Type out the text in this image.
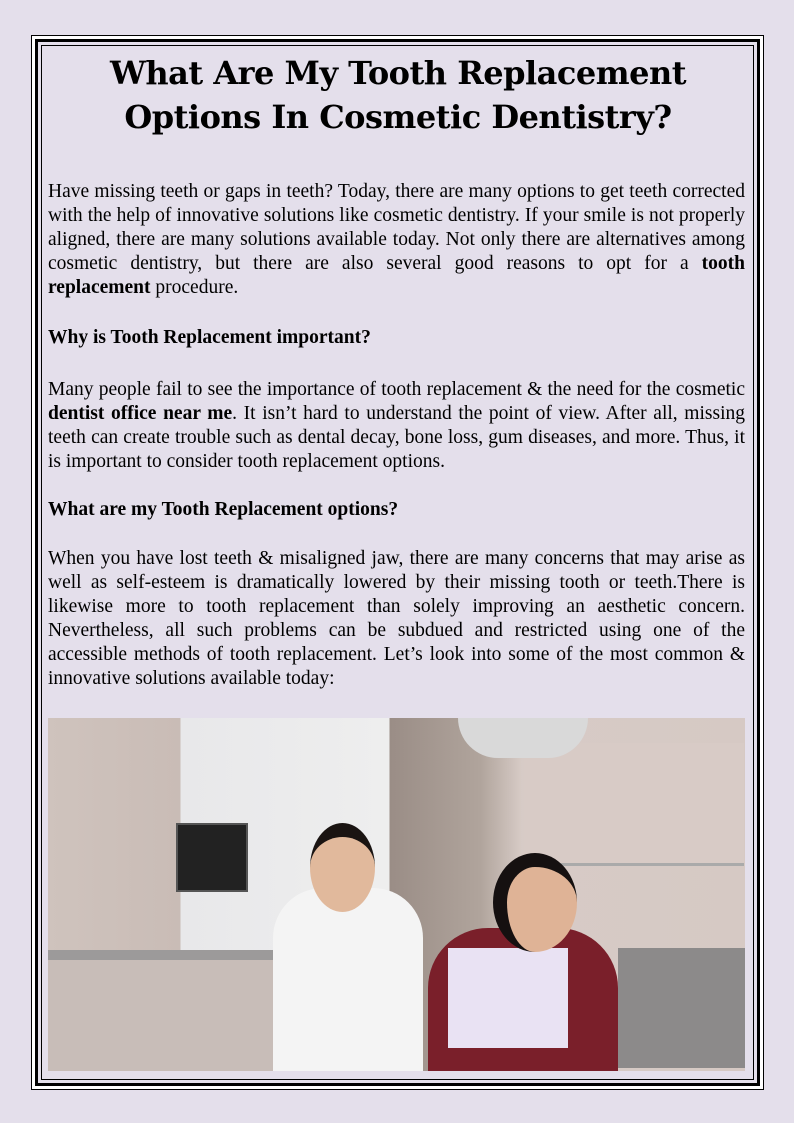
What Are My Tooth Replacement Options In Cosmetic Dentistry?

Have missing teeth or gaps in teeth? Today, there are many options to get teeth corrected with the help of innovative solutions like cosmetic dentistry. If your smile is not properly aligned, there are many solutions available today. Not only there are alternatives among cosmetic dentistry, but there are also several good reasons to opt for a tooth replacement procedure.

Why is Tooth Replacement important?

Many people fail to see the importance of tooth replacement & the need for the cosmetic dentist office near me. It isn’t hard to understand the point of view. After all, missing teeth can create trouble such as dental decay, bone loss, gum diseases, and more. Thus, it is important to consider tooth replacement options.

What are my Tooth Replacement options?

When you have lost teeth & misaligned jaw, there are many concerns that may arise as well as self-esteem is dramatically lowered by their missing tooth or teeth.There is likewise more to tooth replacement than solely improving an aesthetic concern. Nevertheless, all such problems can be subdued and restricted using one of the accessible methods of tooth replacement. Let’s look into some of the most common & innovative solutions available today:
